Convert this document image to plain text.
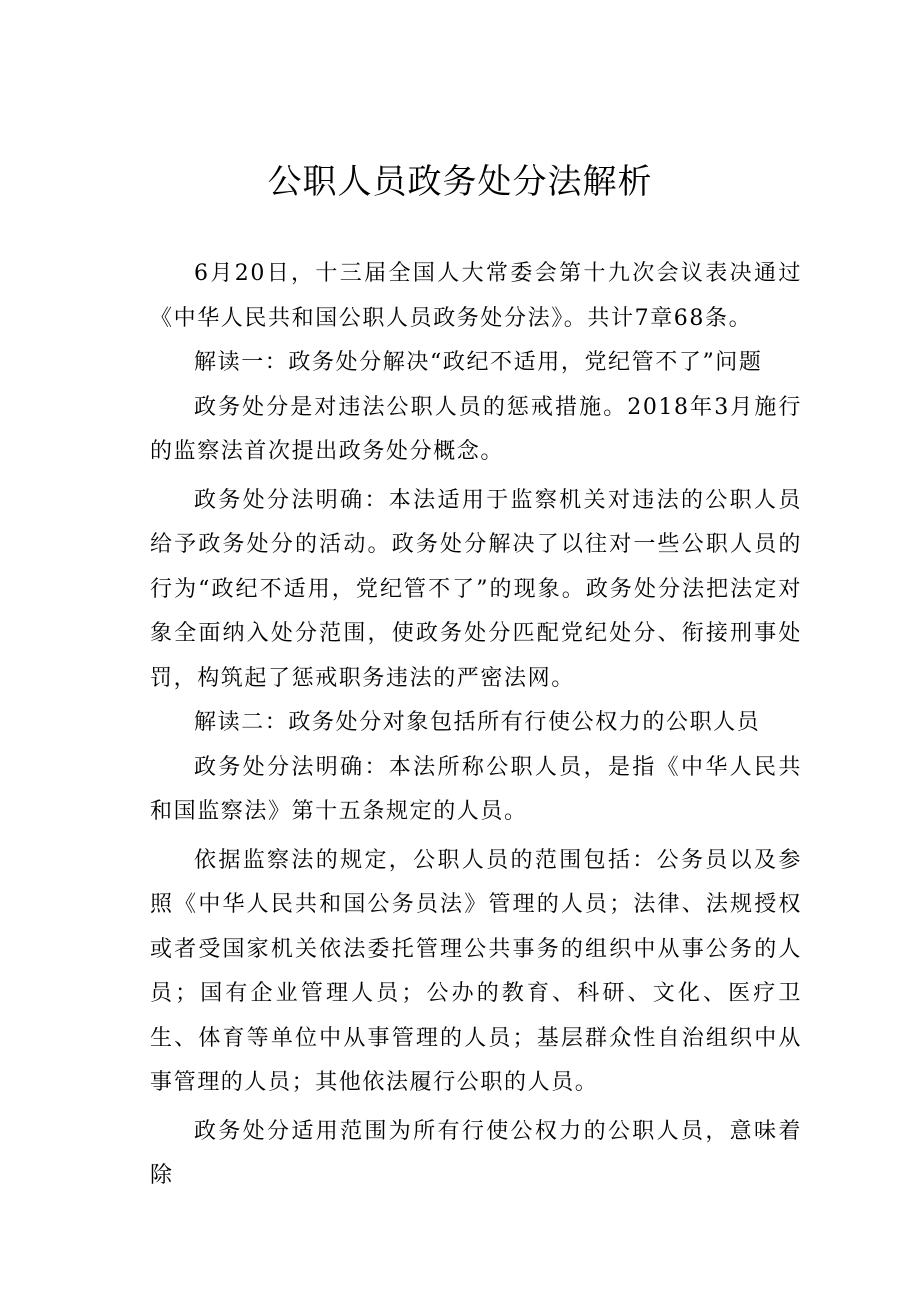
公职人员政务处分法解析

6月20日，十三届全国人大常委会第十九次会议表决通过《中华人民共和国公职人员政务处分法》。共计7章68条。

解读一：政务处分解决“政纪不适用，党纪管不了”问题

政务处分是对违法公职人员的惩戒措施。2018年3月施行的监察法首次提出政务处分概念。

政务处分法明确：本法适用于监察机关对违法的公职人员给予政务处分的活动。政务处分解决了以往对一些公职人员的行为“政纪不适用，党纪管不了”的现象。政务处分法把法定对象全面纳入处分范围，使政务处分匹配党纪处分、衔接刑事处罚，构筑起了惩戒职务违法的严密法网。

解读二：政务处分对象包括所有行使公权力的公职人员

政务处分法明确：本法所称公职人员，是指《中华人民共和国监察法》第十五条规定的人员。

依据监察法的规定，公职人员的范围包括：公务员以及参照《中华人民共和国公务员法》管理的人员；法律、法规授权或者受国家机关依法委托管理公共事务的组织中从事公务的人员；国有企业管理人员；公办的教育、科研、文化、医疗卫生、体育等单位中从事管理的人员；基层群众性自治组织中从事管理的人员；其他依法履行公职的人员。

政务处分适用范围为所有行使公权力的公职人员，意味着除
